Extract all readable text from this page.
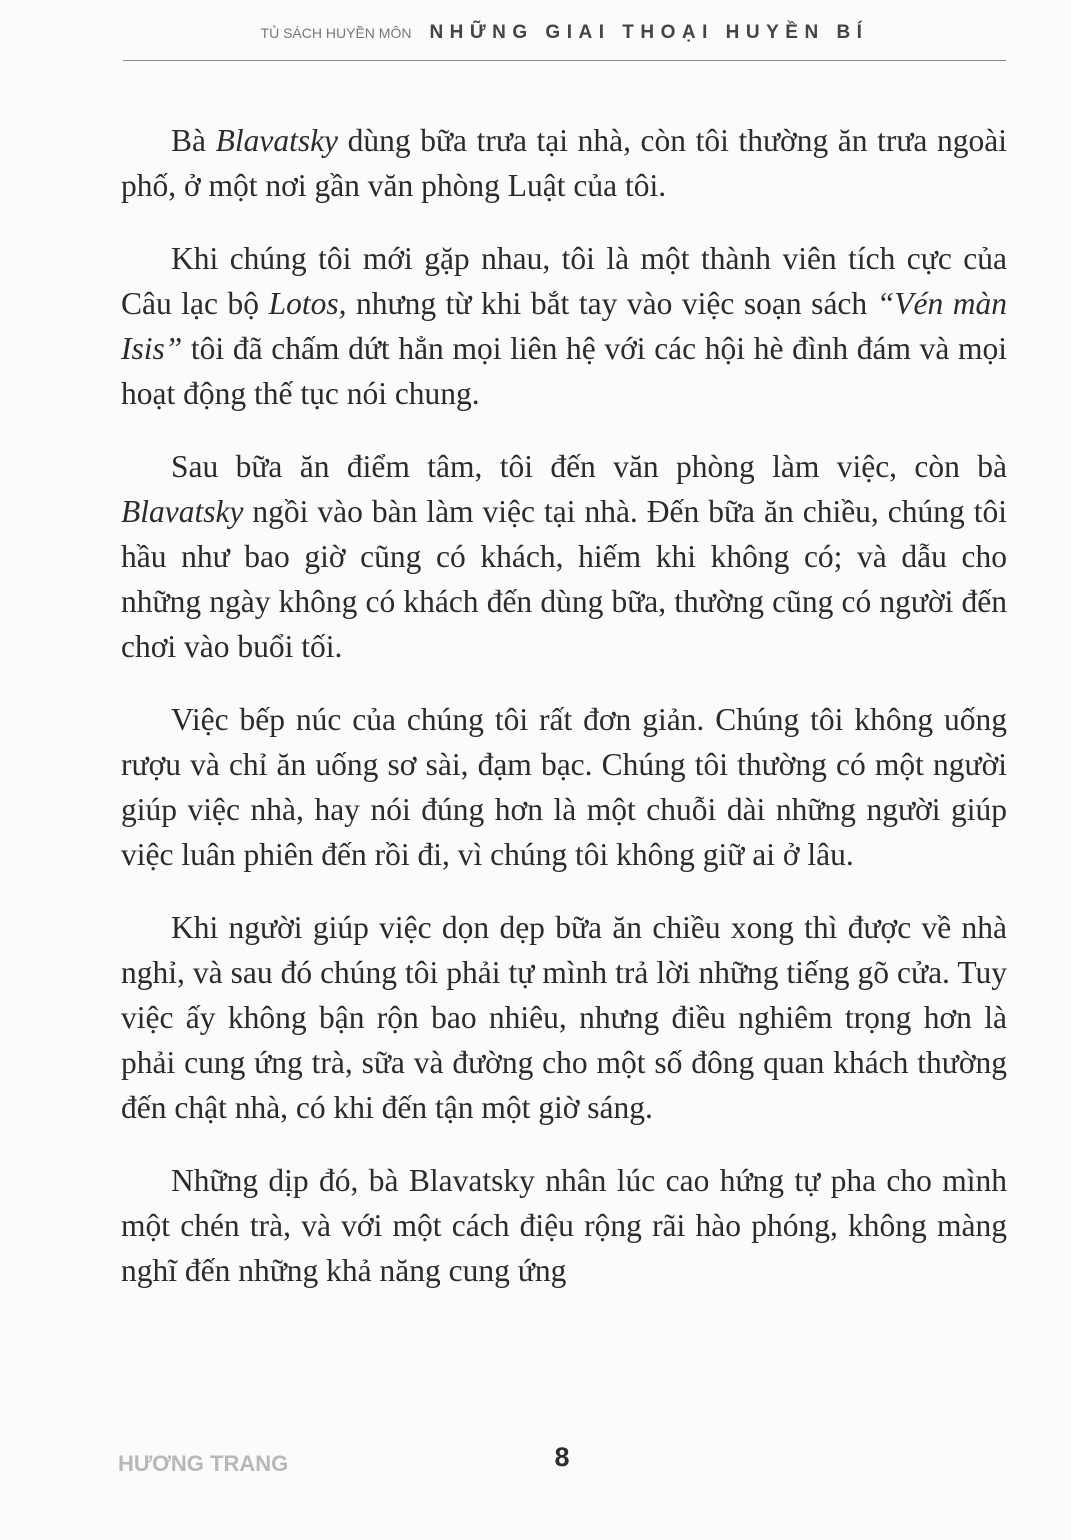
TỦ SÁCH HUYỀN MÔN NHỮNG GIAI THOẠI HUYỀN BÍ

Bà Blavatsky dùng bữa trưa tại nhà, còn tôi thường ăn trưa ngoài phố, ở một nơi gần văn phòng Luật của tôi.

Khi chúng tôi mới gặp nhau, tôi là một thành viên tích cực của Câu lạc bộ Lotos, nhưng từ khi bắt tay vào việc soạn sách “Vén màn Isis” tôi đã chấm dứt hẳn mọi liên hệ với các hội hè đình đám và mọi hoạt động thế tục nói chung.

Sau bữa ăn điểm tâm, tôi đến văn phòng làm việc, còn bà Blavatsky ngồi vào bàn làm việc tại nhà. Đến bữa ăn chiều, chúng tôi hầu như bao giờ cũng có khách, hiếm khi không có; và dẫu cho những ngày không có khách đến dùng bữa, thường cũng có người đến chơi vào buổi tối.

Việc bếp núc của chúng tôi rất đơn giản. Chúng tôi không uống rượu và chỉ ăn uống sơ sài, đạm bạc. Chúng tôi thường có một người giúp việc nhà, hay nói đúng hơn là một chuỗi dài những người giúp việc luân phiên đến rồi đi, vì chúng tôi không giữ ai ở lâu.

Khi người giúp việc dọn dẹp bữa ăn chiều xong thì được về nhà nghỉ, và sau đó chúng tôi phải tự mình trả lời những tiếng gõ cửa. Tuy việc ấy không bận rộn bao nhiêu, nhưng điều nghiêm trọng hơn là phải cung ứng trà, sữa và đường cho một số đông quan khách thường đến chật nhà, có khi đến tận một giờ sáng.

Những dịp đó, bà Blavatsky nhân lúc cao hứng tự pha cho mình một chén trà, và với một cách điệu rộng rãi hào phóng, không màng nghĩ đến những khả năng cung ứng

HƯƠNG TRANG	8
